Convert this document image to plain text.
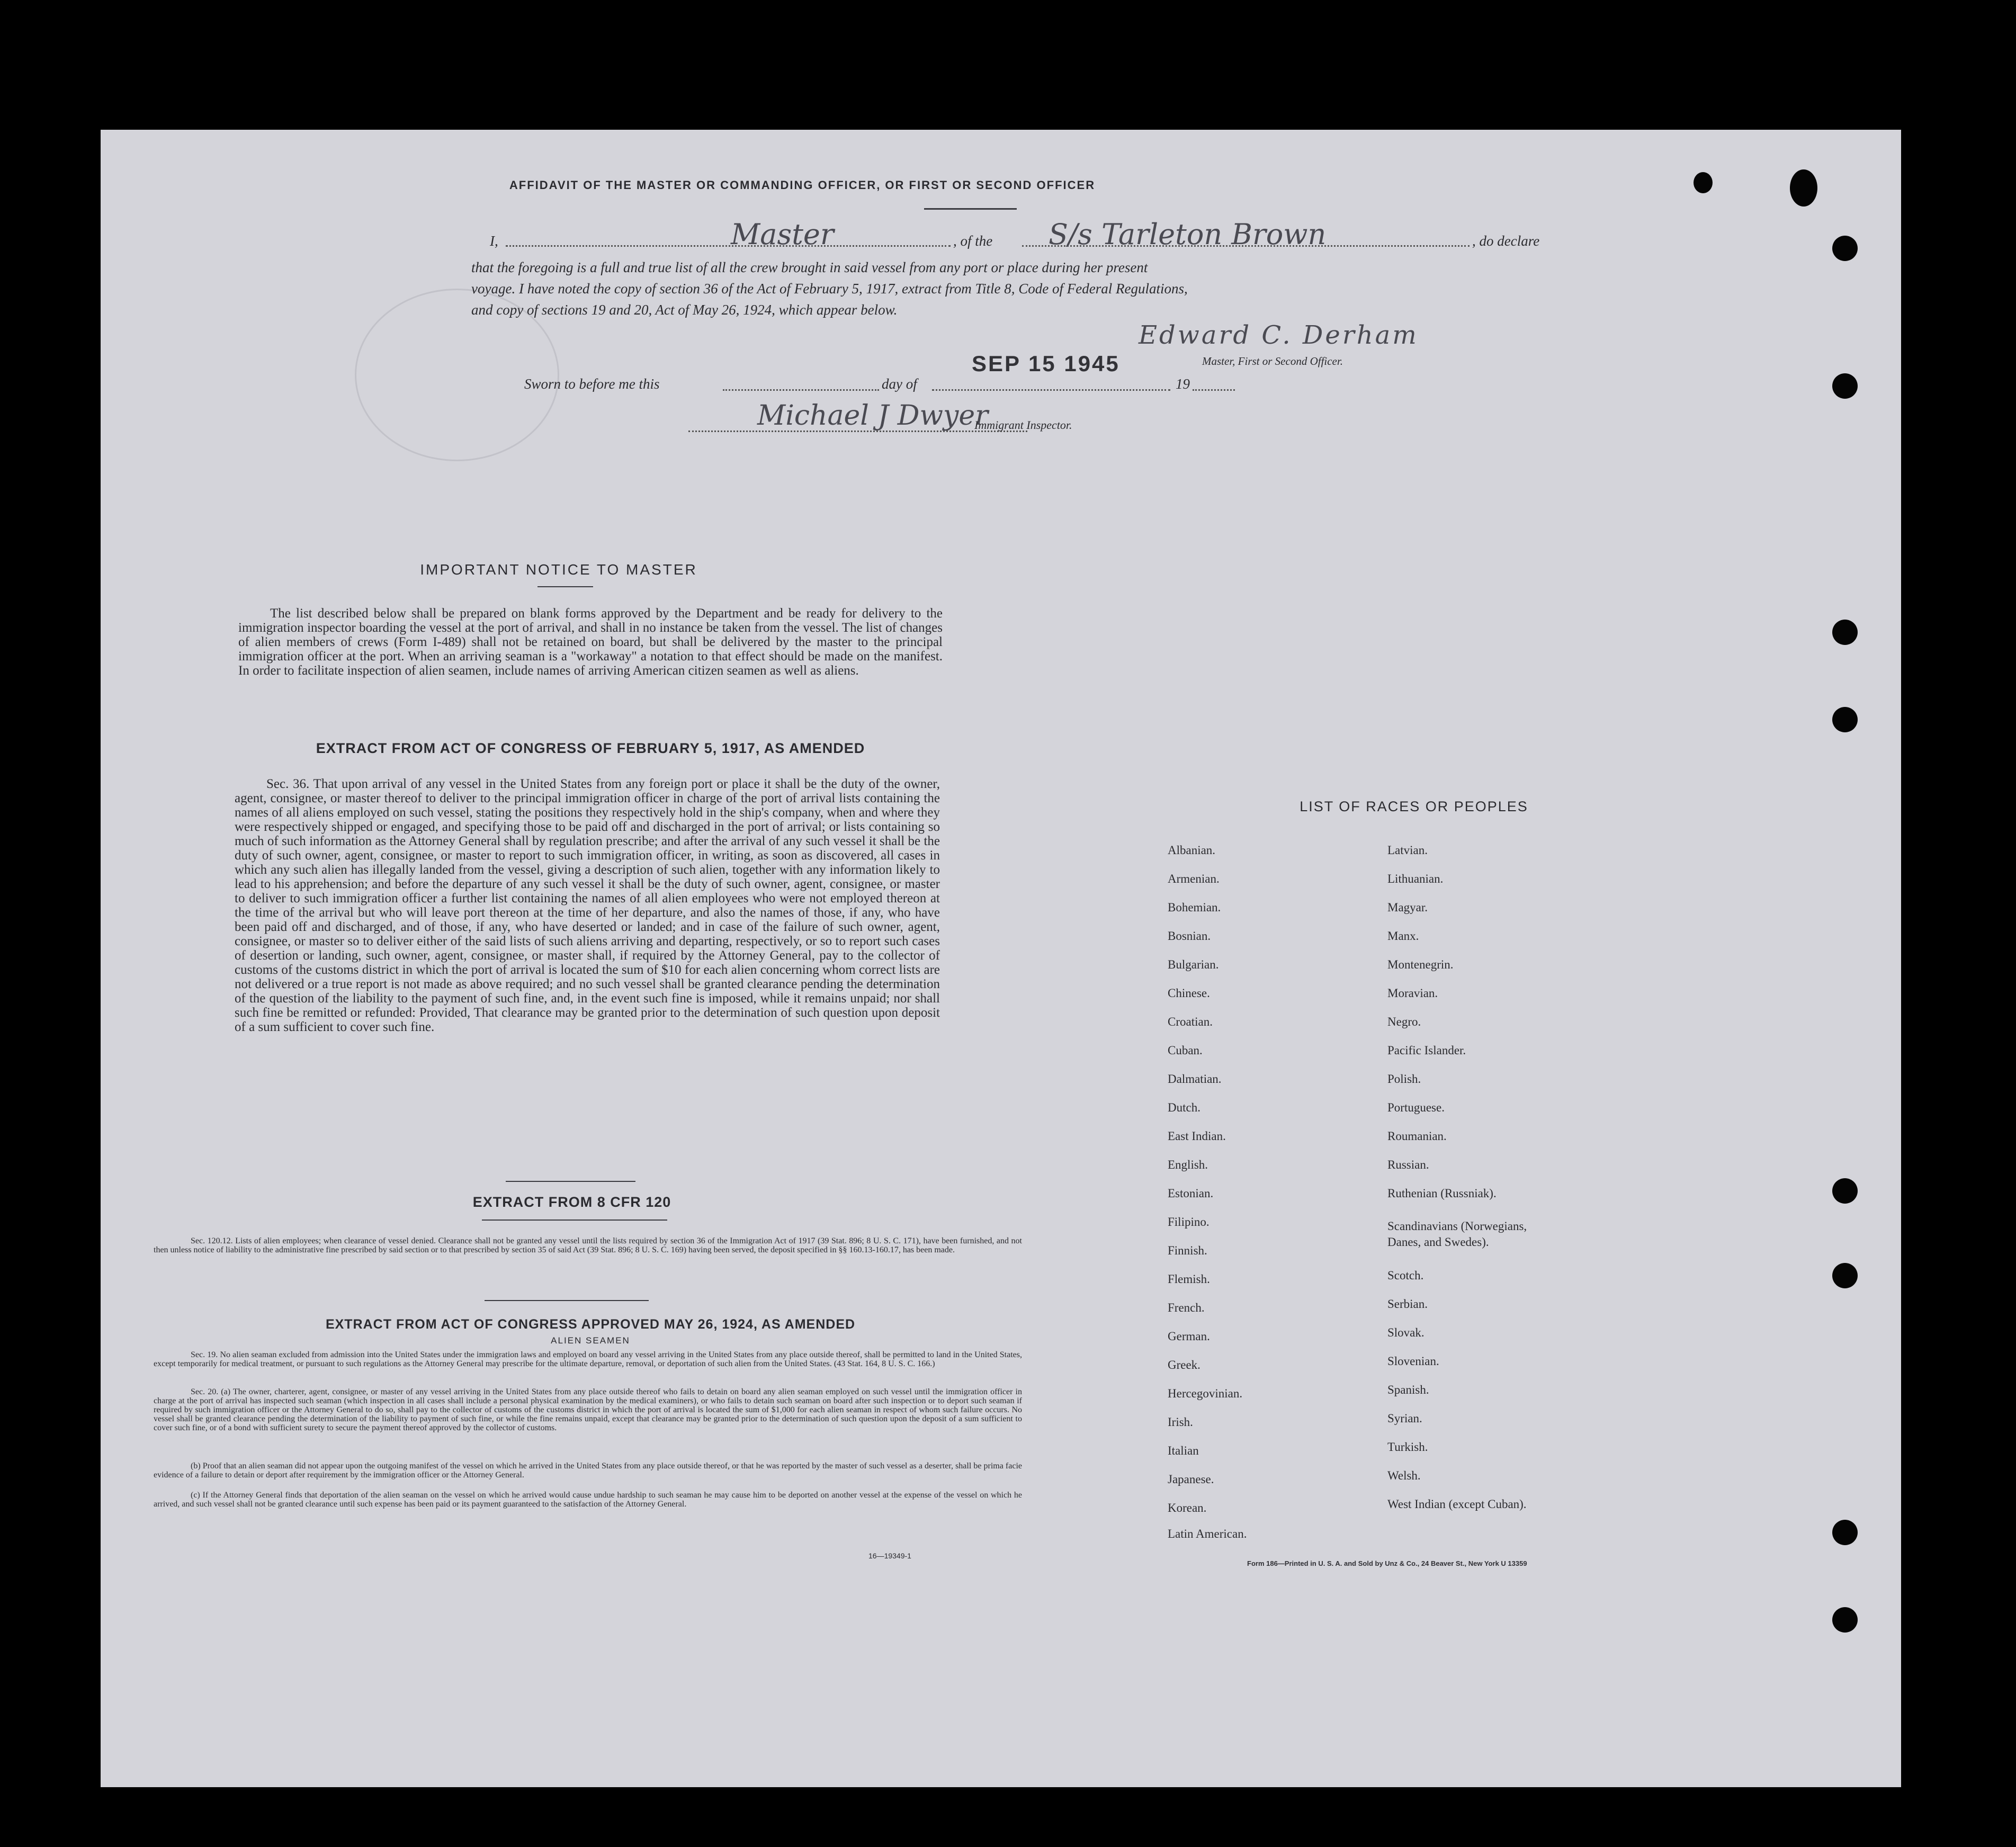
AFFIDAVIT OF THE MASTER OR COMMANDING OFFICER, OR FIRST OR SECOND OFFICER
I,	Master	, of the S/s Tarleton Brown	, do declare
that the foregoing is a full and true list of all the crew brought in said vessel from any port or place during her present
voyage. I have noted the copy of section 36 of the Act of February 5, 1917, extract from Title 8, Code of Federal Regulations,
and copy of sections 19 and 20, Act of May 26, 1924, which appear below.
Edward C. Derham
Master, First or Second Officer.
Sworn to before me this	day of
SEP 15 1945
19
Michael J Dwyer
Immigrant Inspector.
IMPORTANT NOTICE TO MASTER
The list described below shall be prepared on blank forms approved by the Department and be ready for delivery to the immigration inspector boarding the vessel at the port of arrival, and shall in no instance be taken from the vessel. The list of changes of alien members of crews (Form I-489) shall not be retained on board, but shall be delivered by the master to the principal immigration officer at the port. When an arriving seaman is a "workaway" a notation to that effect should be made on the manifest. In order to facilitate inspection of alien seamen, include names of arriving American citizen seamen as well as aliens.
EXTRACT FROM ACT OF CONGRESS OF FEBRUARY 5, 1917, AS AMENDED
Sec. 36. That upon arrival of any vessel in the United States from any foreign port or place it shall be the duty of the owner, agent, consignee, or master thereof to deliver to the principal immigration officer in charge of the port of arrival lists containing the names of all aliens employed on such vessel, stating the positions they respectively hold in the ship's company, when and where they were respectively shipped or engaged, and specifying those to be paid off and discharged in the port of arrival; or lists containing so much of such information as the Attorney General shall by regulation prescribe; and after the arrival of any such vessel it shall be the duty of such owner, agent, consignee, or master to report to such immigration officer, in writing, as soon as discovered, all cases in which any such alien has illegally landed from the vessel, giving a description of such alien, together with any information likely to lead to his apprehension; and before the departure of any such vessel it shall be the duty of such owner, agent, consignee, or master to deliver to such immigration officer a further list containing the names of all alien employees who were not employed thereon at the time of the arrival but who will leave port thereon at the time of her departure, and also the names of those, if any, who have been paid off and discharged, and of those, if any, who have deserted or landed; and in case of the failure of such owner, agent, consignee, or master so to deliver either of the said lists of such aliens arriving and departing, respectively, or so to report such cases of desertion or landing, such owner, agent, consignee, or master shall, if required by the Attorney General, pay to the collector of customs of the customs district in which the port of arrival is located the sum of $10 for each alien concerning whom correct lists are not delivered or a true report is not made as above required; and no such vessel shall be granted clearance pending the determination of the question of the liability to the payment of such fine, and, in the event such fine is imposed, while it remains unpaid; nor shall such fine be remitted or refunded: Provided, That clearance may be granted prior to the determination of such question upon deposit of a sum sufficient to cover such fine.
EXTRACT FROM 8 CFR 120
Sec. 120.12. Lists of alien employees; when clearance of vessel denied. Clearance shall not be granted any vessel until the lists required by section 36 of the Immigration Act of 1917 (39 Stat. 896; 8 U. S. C. 171), have been furnished, and not then unless notice of liability to the administrative fine prescribed by said section or to that prescribed by section 35 of said Act (39 Stat. 896; 8 U. S. C. 169) having been served, the deposit specified in §§ 160.13-160.17, has been made.
EXTRACT FROM ACT OF CONGRESS APPROVED MAY 26, 1924, AS AMENDED
ALIEN SEAMEN
Sec. 19. No alien seaman excluded from admission into the United States under the immigration laws and employed on board any vessel arriving in the United States from any place outside thereof, shall be permitted to land in the United States, except temporarily for medical treatment, or pursuant to such regulations as the Attorney General may prescribe for the ultimate departure, removal, or deportation of such alien from the United States. (43 Stat. 164, 8 U. S. C. 166.)
Sec. 20. (a) The owner, charterer, agent, consignee, or master of any vessel arriving in the United States from any place outside thereof who fails to detain on board any alien seaman employed on such vessel until the immigration officer in charge at the port of arrival has inspected such seaman (which inspection in all cases shall include a personal physical examination by the medical examiners), or who fails to detain such seaman on board after such inspection or to deport such seaman if required by such immigration officer or the Attorney General to do so, shall pay to the collector of customs of the customs district in which the port of arrival is located the sum of $1,000 for each alien seaman in respect of whom such failure occurs. No vessel shall be granted clearance pending the determination of the liability to payment of such fine, or while the fine remains unpaid, except that clearance may be granted prior to the determination of such question upon the deposit of a sum sufficient to cover such fine, or of a bond with sufficient surety to secure the payment thereof approved by the collector of customs.
(b) Proof that an alien seaman did not appear upon the outgoing manifest of the vessel on which he arrived in the United States from any place outside thereof, or that he was reported by the master of such vessel as a deserter, shall be prima facie evidence of a failure to detain or deport after requirement by the immigration officer or the Attorney General.
(c) If the Attorney General finds that deportation of the alien seaman on the vessel on which he arrived would cause undue hardship to such seaman he may cause him to be deported on another vessel at the expense of the vessel on which he arrived, and such vessel shall not be granted clearance until such expense has been paid or its payment guaranteed to the satisfaction of the Attorney General.
16—19349-1
LIST OF RACES OR PEOPLES
Albanian.
Armenian.
Bohemian.
Bosnian.
Bulgarian.
Chinese.
Croatian.
Cuban.
Dalmatian.
Dutch.
East Indian.
English.
Estonian.
Filipino.
Finnish.
Flemish.
French.
German.
Greek.
Hercegovinian.
Irish.
Italian
Japanese.
Korean.
Latin American.
Latvian.
Lithuanian.
Magyar.
Manx.
Montenegrin.
Moravian.
Negro.
Pacific Islander.
Polish.
Portuguese.
Roumanian.
Russian.
Ruthenian (Russniak).
Scandinavians (Norwegians,
Danes, and Swedes).
Scotch.
Serbian.
Slovak.
Slovenian.
Spanish.
Syrian.
Turkish.
Welsh.
West Indian (except Cuban).
Form 186—Printed in U. S. A. and Sold by Unz & Co., 24 Beaver St., New York U 13359
